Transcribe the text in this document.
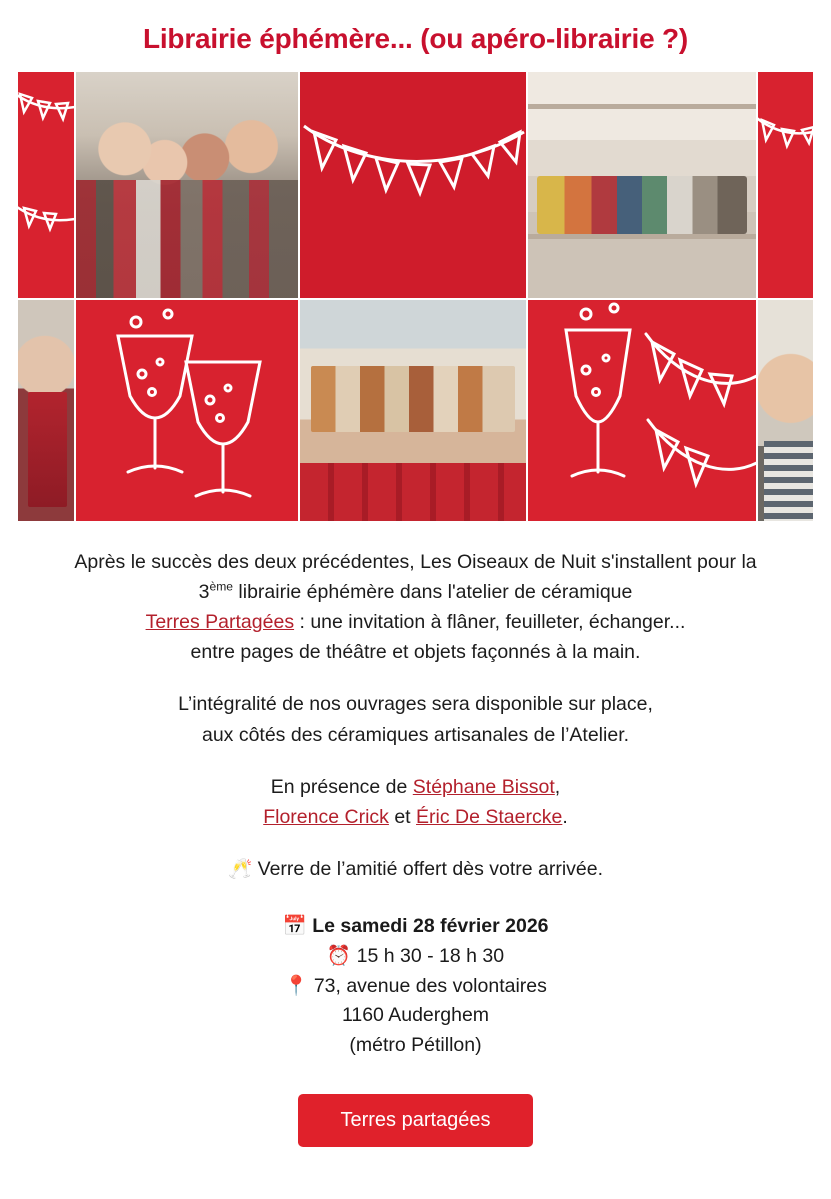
Librairie éphémère... (ou apéro-librairie ?)

Après le succès des deux précédentes, Les Oiseaux de Nuit s'installent pour la
3ème librairie éphémère dans l'atelier de céramique
Terres Partagées : une invitation à flâner, feuilleter, échanger...
entre pages de théâtre et objets façonnés à la main.

L’intégralité de nos ouvrages sera disponible sur place,
aux côtés des céramiques artisanales de l’Atelier.

En présence de Stéphane Bissot,
Florence Crick et Éric De Staercke.

🥂 Verre de l’amitié offert dès votre arrivée.

📅 Le samedi 28 février 2026
⏰ 15 h 30 - 18 h 30
📍 73, avenue des volontaires
1160 Auderghem
(métro Pétillon)
Terres partagées
